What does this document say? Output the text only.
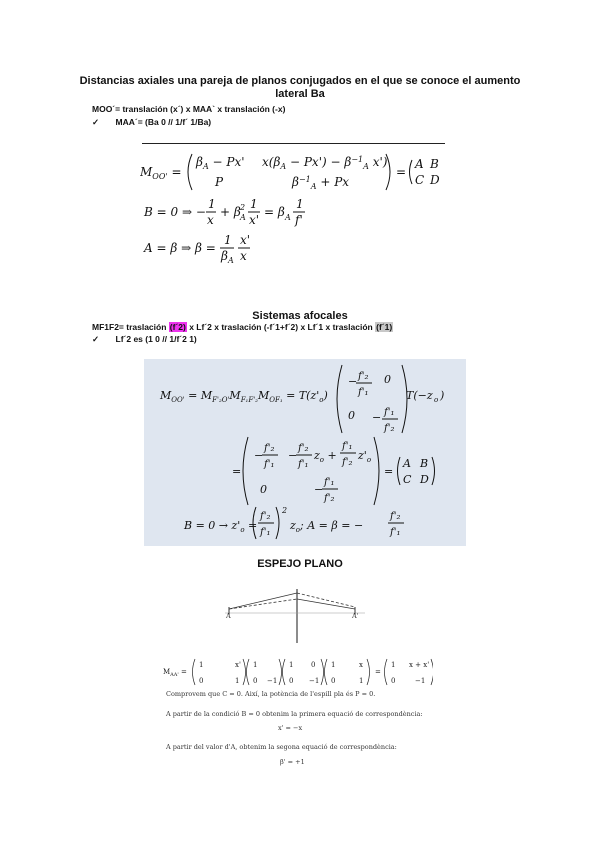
Distancias axiales una pareja de planos conjugados en el que se conoce el aumento
lateral Ba
MOO´= translación (x´) x MAA` x translación (-x)
✓ MAA´= (Ba 0 // 1/f´ 1/Ba)
$M_{OO'}$ =
$\beta_A - Px'$
P
$x(\beta_A - Px') - \beta^{-1}_A$ x')
$\beta^{-1}_A + Px$
=
A B
C D
B = 0 ⇒ −
1
x
+ β 2
A
1
x'
= β A
1
f'
A = β ⇒ β =
1
$\beta_A$
x'
x
Sistemas afocales
MF1F2= traslación (f´2) x Lf´2 x traslación (-f´1+f´2) x Lf´1 x traslación (f´1)
✓ Lf´2 es (1 0 // 1/f´2 1)
$M_{OO'} = M_{F'_2O'}M_{F_1F'_2}M_{OF_1} = T(z'_o)$
− f'₂
f'₁
0
0 − f'₁
f'₂
T(−z o )
=
−
f'₂
f'₁
−
f'₂
f'₁
$z_o$ +
f'₁
f'₂
$z'_o$
0	−
f'₁
f'₂
=
A B
C D
$B = 0 \to z'_o$ =
f'₂
f'₁
2
$z_o$; A = β = −
f'₂
f'₁
ESPEJO PLANO
A	A'
$M_{AA'}$ =
1	x'
0	1
1
0 −1
1	0
0 −1
1	x
0	1
=
1 x + x'
0	−1
Comprovem que C = 0. Així, la potència de l'espill pla és P = 0.
A partir de la condició B = 0 obtenim la primera equació de correspondència:
x' = −x
A partir del valor d'A, obtenim la segona equació de correspondència:
β' = +1
